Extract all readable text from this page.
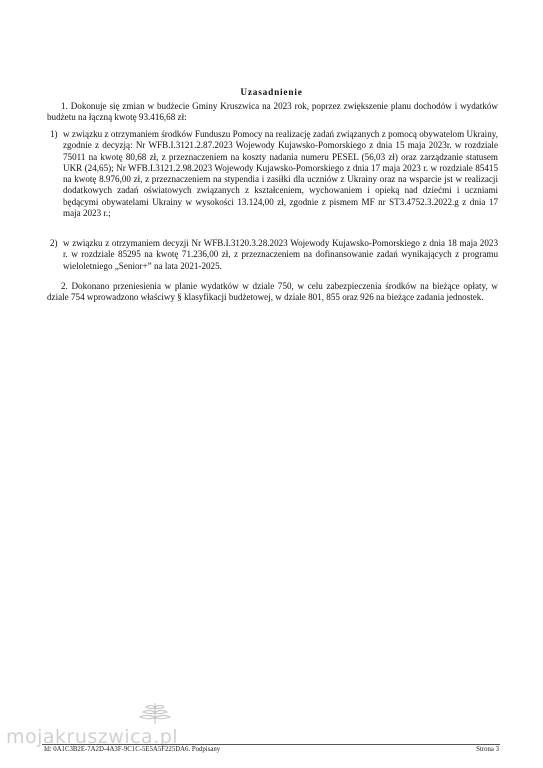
Uzasadnienie
1. Dokonuje się zmian w budżecie Gminy Kruszwica na 2023 rok, poprzez zwiększenie planu dochodów i wydatków budżetu na łączną kwotę 93.416,68 zł:
1) w związku z otrzymaniem środków Funduszu Pomocy na realizację zadań związanych z pomocą obywatelom Ukrainy, zgodnie z decyzją: Nr WFB.I.3121.2.87.2023 Wojewody Kujawsko-Pomorskiego z dnia 15 maja 2023r. w rozdziale 75011 na kwotę 80,68 zł, z przeznaczeniem na koszty nadania numeru PESEL (56,03 zł) oraz zarządzanie statusem UKR (24,65); Nr WFB.I.3121.2.98.2023 Wojewody Kujawsko-Pomorskiego z dnia 17 maja 2023 r. w rozdziale 85415 na kwotę 8.976,00 zł, z przeznaczeniem na stypendia i zasiłki dla uczniów z Ukrainy oraz na wsparcie jst w realizacji dodatkowych zadań oświatowych związanych z kształceniem, wychowaniem i opieką nad dziećmi i uczniami będącymi obywatelami Ukrainy w wysokości 13.124,00 zł, zgodnie z pismem MF nr ST3.4752.3.2022.g z dnia 17 maja 2023 r.;
2) w związku z otrzymaniem decyzji Nr WFB.I.3120.3.28.2023 Wojewody Kujawsko-Pomorskiego z dnia 18 maja 2023 r. w rozdziale 85295 na kwotę 71.236,00 zł, z przeznaczeniem na dofinansowanie zadań wynikających z programu wieloletniego „Senior+” na lata 2021-2025.
2. Dokonano przeniesienia w planie wydatków w dziale 750, w celu zabezpieczenia środków na bieżące opłaty, w dziale 754 wprowadzono właściwy § klasyfikacji budżetowej, w dziale 801, 855 oraz 926 na bieżące zadania jednostek.
mojakruszwica.pl
Id: 0A1C3B2E-7A2D-4A3F-9C1C-5E5A5F225DA6. Podpisany	Strona 3
